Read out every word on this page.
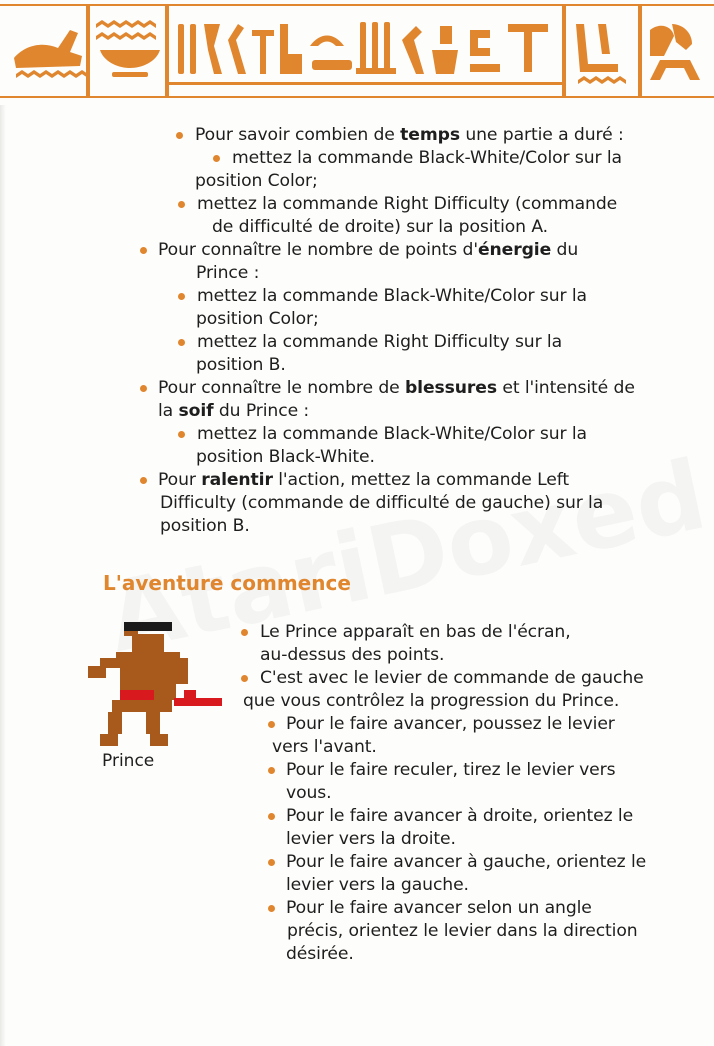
Pour savoir combien de temps une partie a duré :
mettez la commande Black-White/Color sur la
position Color;
mettez la commande Right Difficulty (commande
de difficulté de droite) sur la position A.
Pour connaître le nombre de points d'énergie du
Prince :
mettez la commande Black-White/Color sur la
position Color;
mettez la commande Right Difficulty sur la
position B.
Pour connaître le nombre de blessures et l'intensité de
la soif du Prince :
mettez la commande Black-White/Color sur la
position Black-White.
Pour ralentir l'action, mettez la commande Left
Difficulty (commande de difficulté de gauche) sur la
position B.
Le Prince apparaît en bas de l'écran,
au-dessus des points.
C'est avec le levier de commande de gauche
que vous contrôlez la progression du Prince.
Pour le faire avancer, poussez le levier
vers l'avant.
Pour le faire reculer, tirez le levier vers
vous.
Pour le faire avancer à droite, orientez le
levier vers la droite.
Pour le faire avancer à gauche, orientez le
levier vers la gauche.
Pour le faire avancer selon un angle
précis, orientez le levier dans la direction
désirée.
L'aventure commence
Prince
